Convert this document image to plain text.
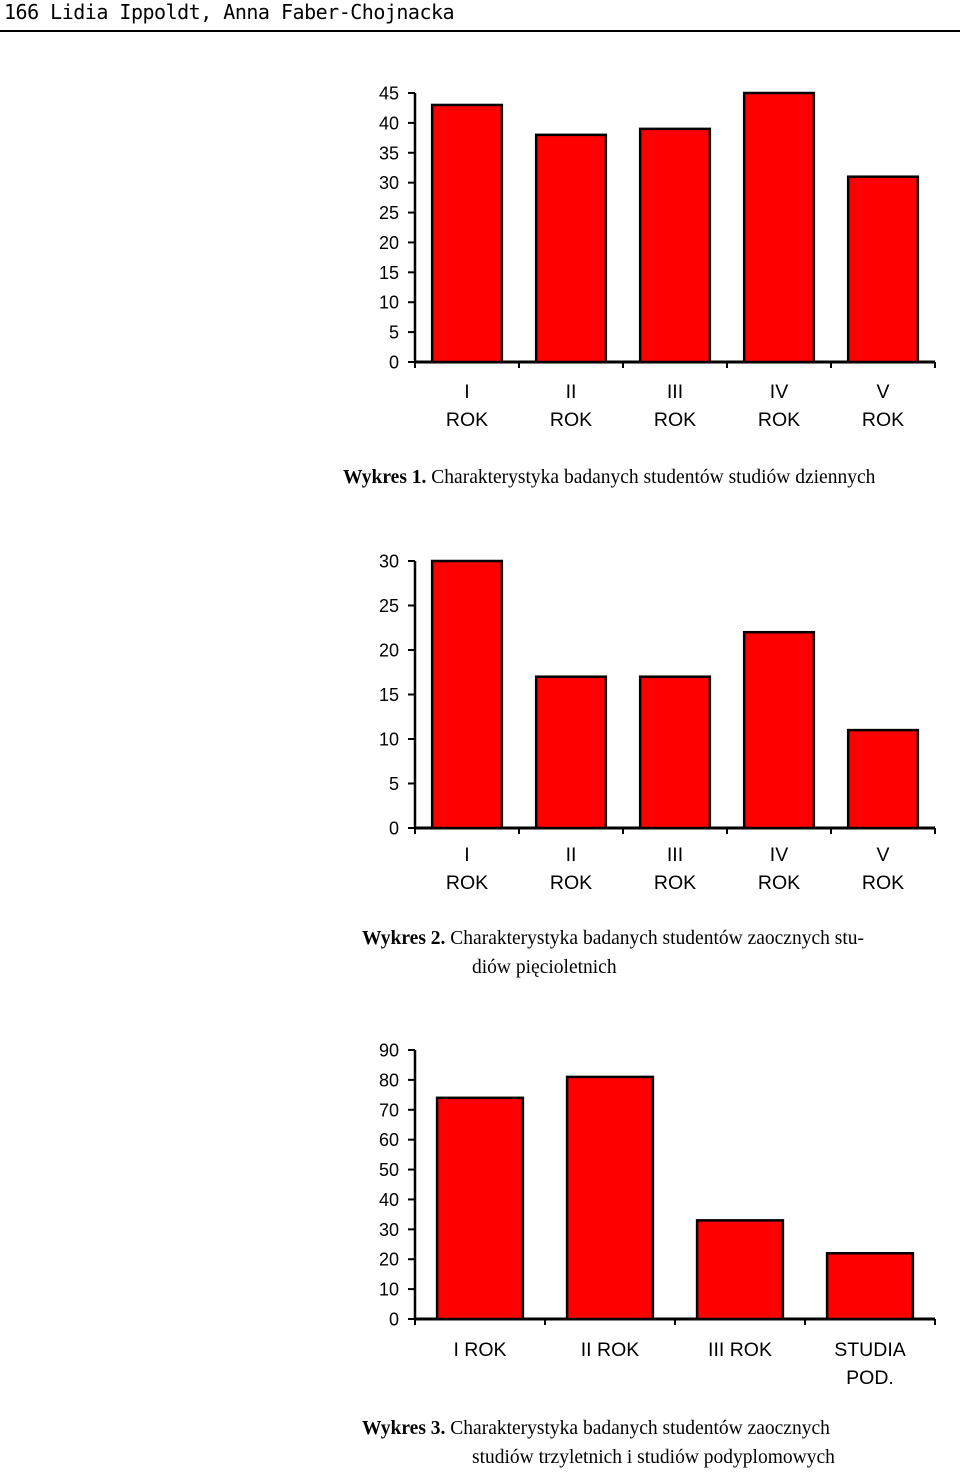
166 Lidia Ippoldt, Anna Faber-Chojnacka
0
5
10
15
20
25
30
35
40
45
I
ROK
II
ROK
III
ROK
IV
ROK
V
ROK
Wykres 1. Charakterystyka badanych studentów studiów dziennych
0
5
10
15
20
25
30
I
ROK
II
ROK
III
ROK
IV
ROK
V
ROK
Wykres 2. Charakterystyka badanych studentów zaocznych stu-
diów pięcioletnich
0
10
20
30
40
50
60
70
80
90
I ROK	II ROK	III ROK	STUDIA
POD.
Wykres 3. Charakterystyka badanych studentów zaocznych
studiów trzyletnich i studiów podyplomowych
